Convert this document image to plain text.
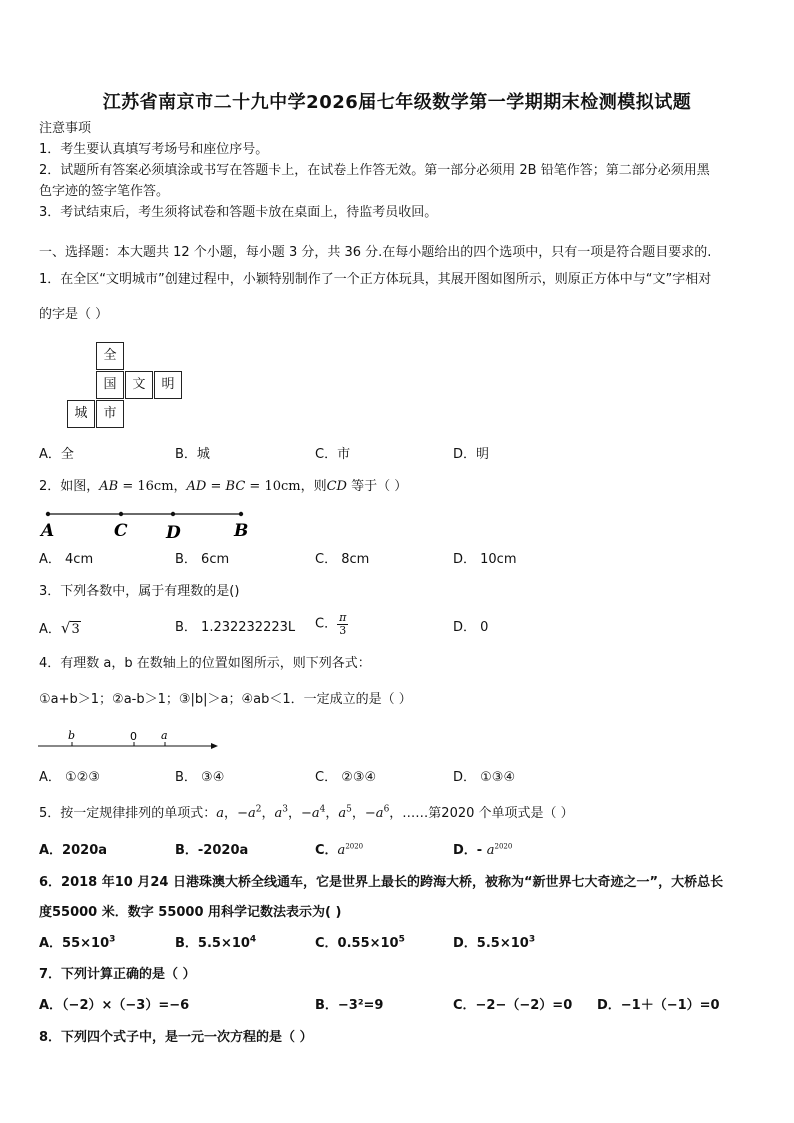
江苏省南京市二十九中学2026届七年级数学第一学期期末检测模拟试题
注意事项
1．考生要认真填写考场号和座位序号。
2．试题所有答案必须填涂或书写在答题卡上，在试卷上作答无效。第一部分必须用 2B 铅笔作答；第二部分必须用黑
色字迹的签字笔作答。
3．考试结束后，考生须将试卷和答题卡放在桌面上，待监考员收回。
一、选择题：本大题共 12 个小题，每小题 3 分，共 36 分.在每小题给出的四个选项中，只有一项是符合题目要求的.
1．在全区“文明城市”创建过程中，小颖特别制作了一个正方体玩具，其展开图如图所示，则原正方体中与“文”字相对
的字是（ ）
全
国	文	明
城	市
A．全	B．城	C．市	D．明
2．如图，AB = 16cm，AD = BC = 10cm，则CD 等于（ ）
A	C D	B
A． 4cm	B． 6cm	C． 8cm	D． 10cm
3．下列各数中，属于有理数的是()
A．√3	B． 1.232232223L C． $\frac{\pi}{3}$	D． 0
4．有理数 a，b 在数轴上的位置如图所示，则下列各式：
①a+b＞1；②a-b＞1；③|b|＞a；④ab＜1．一定成立的是（ ）
b	0 a
A． ①②③	B． ③④	C． ②③④	D． ①③④
5．按一定规律排列的单项式：a，$-a^2$，$a^3$，$-a^4$，$a^5$，$-a^6$，……第2020 个单项式是（ ）
A．2020a	B．-2020a	C．$a^{2020}$	D．- $a^{2020}$
6．2018 年10 月24 日港珠澳大桥全线通车，它是世界上最长的跨海大桥，被称为“新世界七大奇迹之一”，大桥总长
度55000 米．数字 55000 用科学记数法表示为( )
A．$55\times 10^3$	B．$5.5\times 10^4$	C．$0.55\times 10^5$	D．$5.5\times 10^3$
7．下列计算正确的是（ ）
A．（−2）×（−3）=−6	B．−3²=9	C．−2−（−2）=0 D．−1＋（−1）=0
8．下列四个式子中，是一元一次方程的是（ ）
